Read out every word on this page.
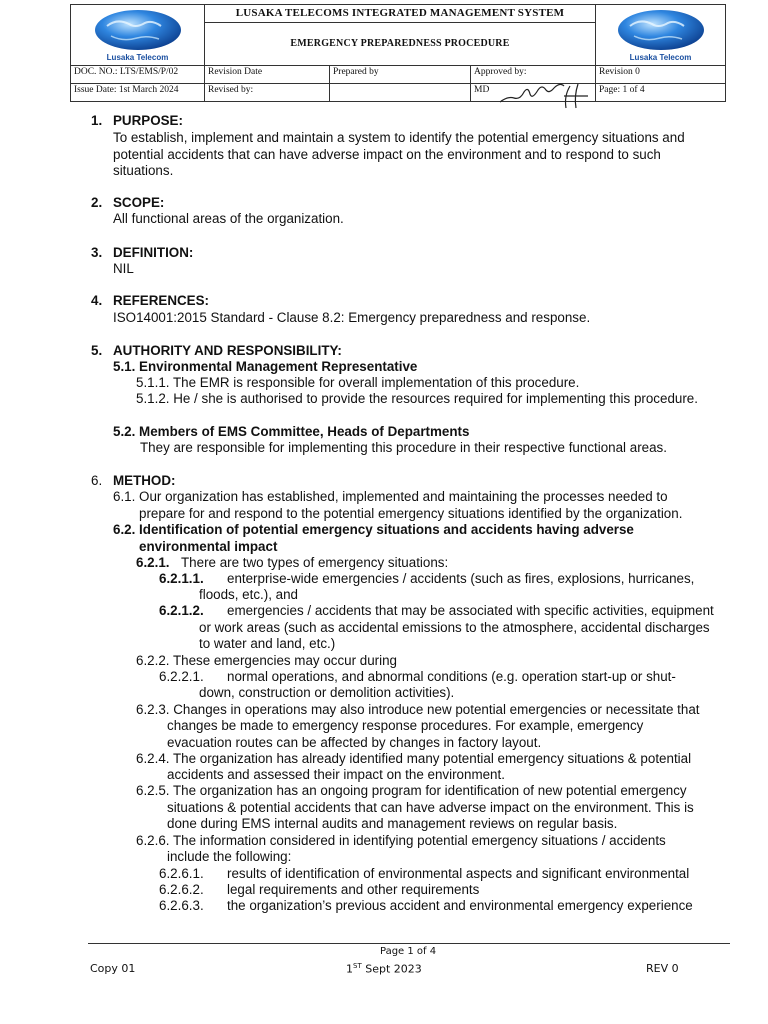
Lusaka Telecom	LUSAKA TELECOMS INTEGRATED MANAGEMENT SYSTEM
EMERGENCY PREPAREDNESS PROCEDURE			Lusaka Telecom

DOC. NO.: LTS/EMS/P/02	Revision Date	Prepared by	Approved by:	Revision 0
Issue Date: 1st March 2024	Revised by:		MD	Page: 1 of 4
1. PURPOSE:
To establish, implement and maintain a system to identify the potential emergency situations and
potential accidents that can have adverse impact on the environment and to respond to such
situations.
2. SCOPE:
All functional areas of the organization.
3. DEFINITION:
NIL
4. REFERENCES:
ISO14001:2015 Standard - Clause 8.2: Emergency preparedness and response.
5. AUTHORITY AND RESPONSIBILITY:
5.1. Environmental Management Representative
5.1.1. The EMR is responsible for overall implementation of this procedure.
5.1.2. He / she is authorised to provide the resources required for implementing this procedure.
5.2. Members of EMS Committee, Heads of Departments
They are responsible for implementing this procedure in their respective functional areas.
6. METHOD:
6.1. Our organization has established, implemented and maintaining the processes needed to
prepare for and respond to the potential emergency situations identified by the organization.
6.2. Identification of potential emergency situations and accidents having adverse
environmental impact
6.2.1. There are two types of emergency situations:
6.2.1.1. enterprise-wide emergencies / accidents (such as fires, explosions, hurricanes,
floods, etc.), and
6.2.1.2. emergencies / accidents that may be associated with specific activities, equipment
or work areas (such as accidental emissions to the atmosphere, accidental discharges
to water and land, etc.)
6.2.2. These emergencies may occur during
6.2.2.1. normal operations, and abnormal conditions (e.g. operation start-up or shut-
down, construction or demolition activities).
6.2.3. Changes in operations may also introduce new potential emergencies or necessitate that
changes be made to emergency response procedures. For example, emergency
evacuation routes can be affected by changes in factory layout.
6.2.4. The organization has already identified many potential emergency situations & potential
accidents and assessed their impact on the environment.
6.2.5. The organization has an ongoing program for identification of new potential emergency
situations & potential accidents that can have adverse impact on the environment. This is
done during EMS internal audits and management reviews on regular basis.
6.2.6. The information considered in identifying potential emergency situations / accidents
include the following:
6.2.6.1. results of identification of environmental aspects and significant environmental
6.2.6.2. legal requirements and other requirements
6.2.6.3. the organization’s previous accident and environmental emergency experience
Page 1 of 4
Copy 01	1ST Sept 2023	REV 0
